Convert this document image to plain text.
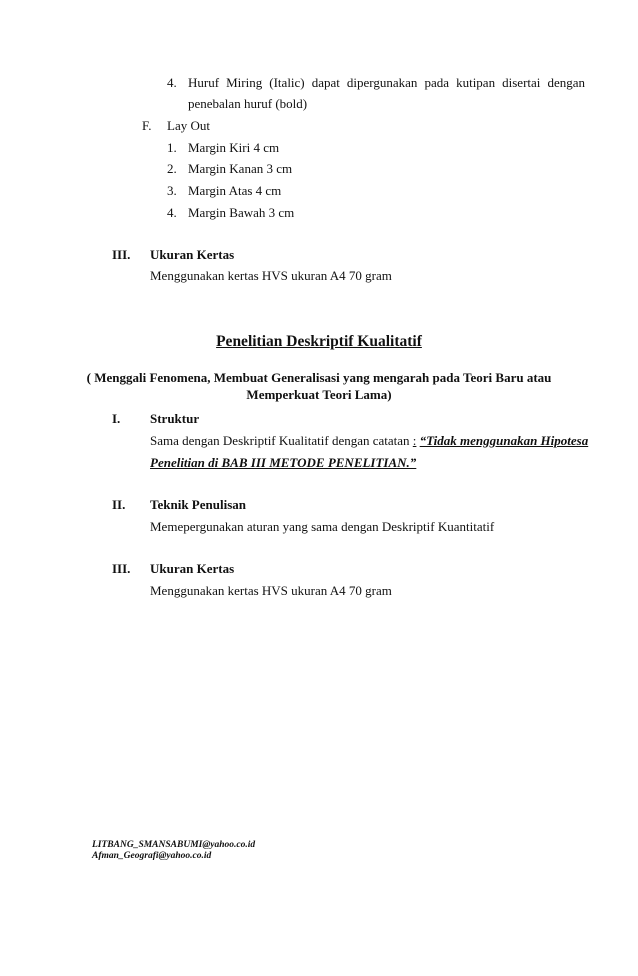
4. Huruf Miring (Italic) dapat dipergunakan pada kutipan disertai dengan
penebalan huruf (bold)
F. Lay Out
1. Margin Kiri 4 cm
2. Margin Kanan 3 cm
3. Margin Atas 4 cm
4. Margin Bawah 3 cm
III. Ukuran Kertas
Menggunakan kertas HVS ukuran A4 70 gram
Penelitian Deskriptif Kualitatif
( Menggali Fenomena, Membuat Generalisasi yang mengarah pada Teori Baru atau
Memperkuat Teori Lama)
I. Struktur
Sama dengan Deskriptif Kualitatif dengan catatan : “Tidak menggunakan Hipotesa
Penelitian di BAB III METODE PENELITIAN.”
II. Teknik Penulisan
Memepergunakan aturan yang sama dengan Deskriptif Kuantitatif
III. Ukuran Kertas
Menggunakan kertas HVS ukuran A4 70 gram
LITBANG_SMANSABUMI@yahoo.co.id
Afman_Geografi@yahoo.co.id
